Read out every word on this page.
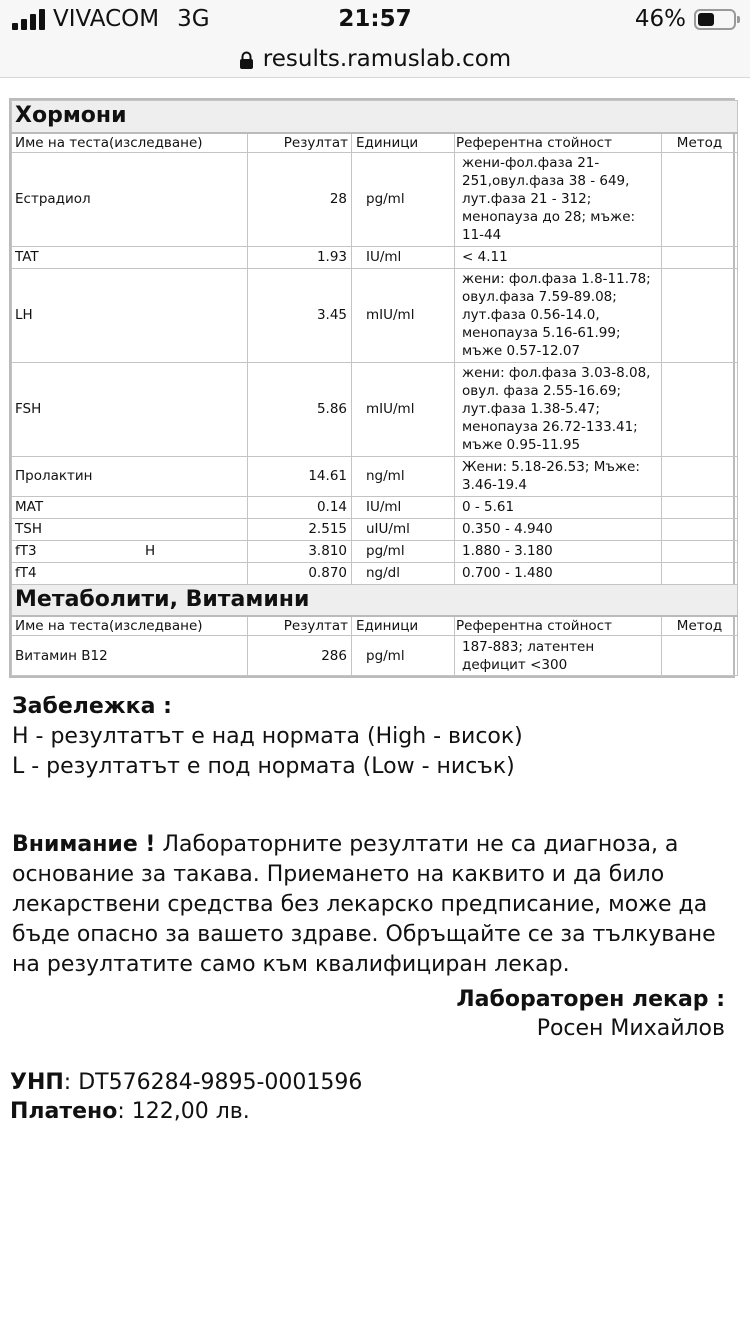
VIVACOM 3G	21:57	46%
results.ramuslab.com
Хормони				
Име на теста(изследване)	Резултат	Единици	Референтна стойност	Метод
Естрадиол	28	pg/ml	жени-фол.фаза 21-251,овул.фаза 38 - 649, лут.фаза 21 - 312; менопауза до 28; мъже: 11-44	

TAT	1.93	IU/ml	< 4.11	

LH	3.45	mIU/ml	жени: фол.фаза 1.8-11.78; овул.фаза 7.59-89.08; лут.фаза 0.56-14.0, менопауза 5.16-61.99; мъже 0.57-12.07	

FSH	5.86	mIU/ml	жени: фол.фаза 3.03-8.08, овул. фаза 2.55-16.69; лут.фаза 1.38-5.47; менопауза 26.72-133.41; мъже 0.95-11.95	

Пролактин	14.61	ng/ml	Жени: 5.18-26.53; Мъже: 3.46-19.4	

MAT	0.14	IU/ml	0 - 5.61	

TSH	2.515	uIU/ml	0.350 - 4.940	

fT3	H 3.810	pg/ml	1.880 - 3.180	

fT4	0.870	ng/dl	0.700 - 1.480	

Метаболити, Витамини				
Име на теста(изследване)	Резултат	Единици	Референтна стойност	Метод
Витамин B12	286	pg/ml	187-883; латентен дефицит <300	

Забележка :
H - резултатът е над нормата (High - висок)
L - резултатът е под нормата (Low - нисък)
Внимание ! Лабораторните резултати не са диагноза, а основание за такава. Приемането на каквито и да било лекарствени средства без лекарско предписание, може да бъде опасно за вашето здраве. Обръщайте се за тълкуване на резултатите само към квалифициран лекар.
Лабораторен лекар :
Росен Михайлов
УНП: DT576284-9895-0001596
Платено: 122,00 лв.
